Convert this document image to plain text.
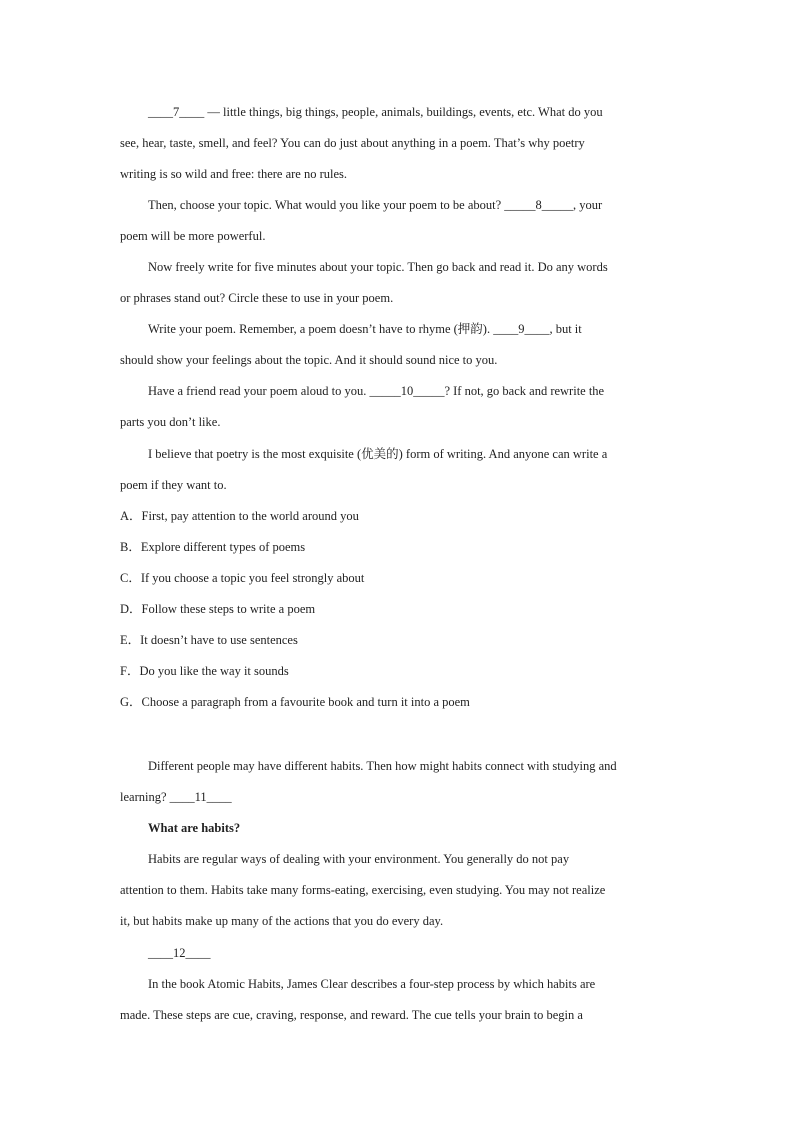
____7____ — little things, big things, people, animals, buildings, events, etc. What do you
see, hear, taste, smell, and feel? You can do just about anything in a poem. That’s why poetry
writing is so wild and free: there are no rules.
Then, choose your topic. What would you like your poem to be about? _____8_____, your
poem will be more powerful.
Now freely write for five minutes about your topic. Then go back and read it. Do any words
or phrases stand out? Circle these to use in your poem.
Write your poem. Remember, a poem doesn’t have to rhyme (押韵). ____9____, but it
should show your feelings about the topic. And it should sound nice to you.
Have a friend read your poem aloud to you. _____10_____? If not, go back and rewrite the
parts you don’t like.
I believe that poetry is the most exquisite (优美的) form of writing. And anyone can write a
poem if they want to.
A．First, pay attention to the world around you
B．Explore different types of poems
C．If you choose a topic you feel strongly about
D．Follow these steps to write a poem
E．It doesn’t have to use sentences
F．Do you like the way it sounds
G．Choose a paragraph from a favourite book and turn it into a poem
Different people may have different habits. Then how might habits connect with studying and
learning? ____11____
What are habits?
Habits are regular ways of dealing with your environment. You generally do not pay
attention to them. Habits take many forms-eating, exercising, even studying. You may not realize
it, but habits make up many of the actions that you do every day.
____12____
In the book Atomic Habits, James Clear describes a four-step process by which habits are
made. These steps are cue, craving, response, and reward. The cue tells your brain to begin a
